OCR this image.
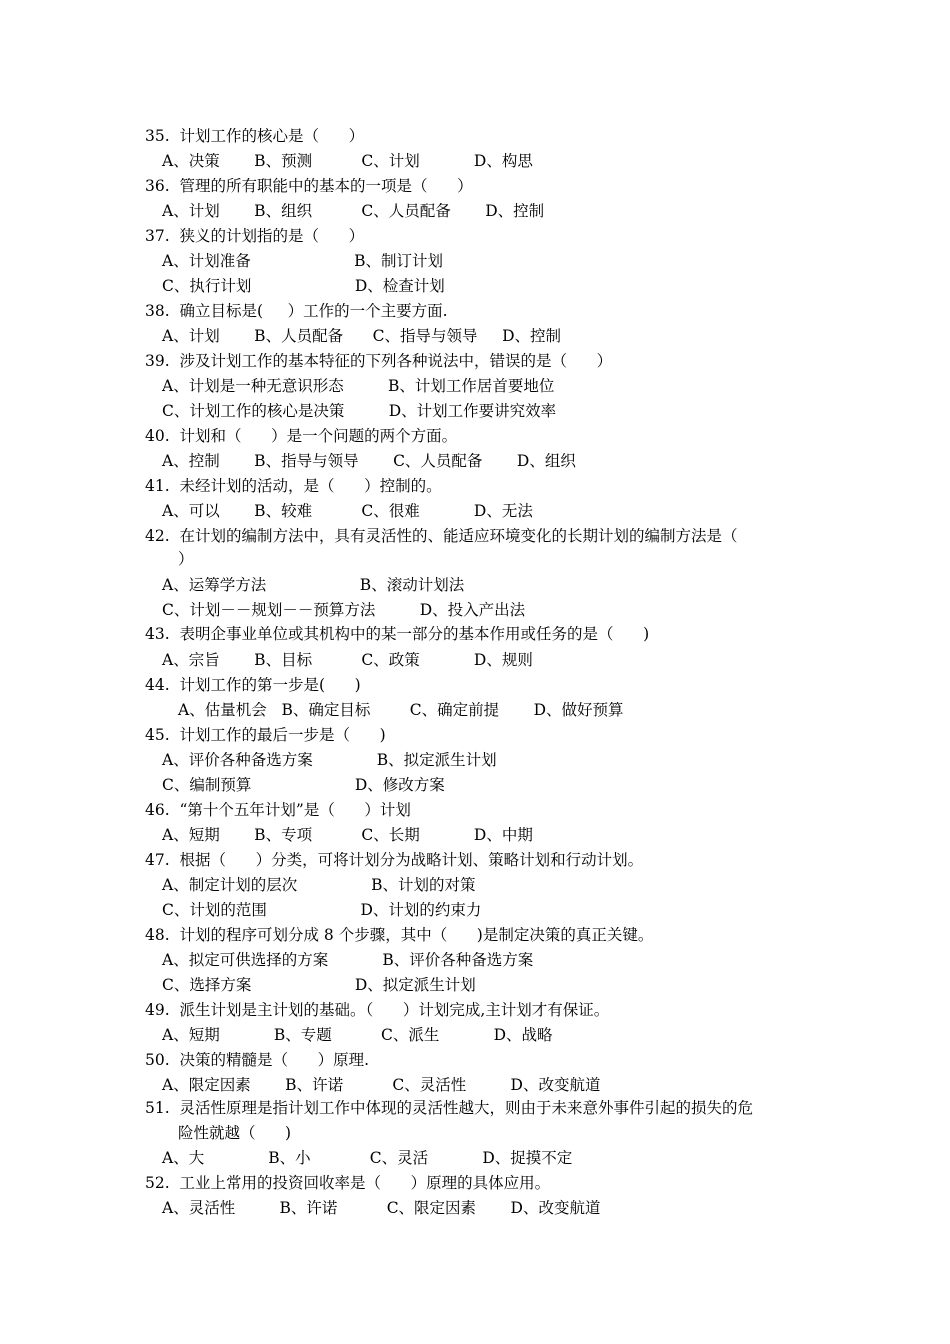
35.  计划工作的核心是（      ）
A、决策       B、预测          C、计划           D、构思
36.  管理的所有职能中的基本的一项是（      ）
A、计划       B、组织          C、人员配备       D、控制
37.  狭义的计划指的是（      ）
A、计划准备                     B、制订计划
C、执行计划                     D、检查计划
38.  确立目标是(     ）工作的一个主要方面.
A、计划       B、人员配备      C、指导与领导     D、控制
39.  涉及计划工作的基本特征的下列各种说法中，错误的是（      ）
A、计划是一种无意识形态         B、计划工作居首要地位
C、计划工作的核心是决策         D、计划工作要讲究效率
40.  计划和（      ）是一个问题的两个方面。
A、控制       B、指导与领导       C、人员配备       D、组织
41.  未经计划的活动，是（      ）控制的。
A、可以       B、较难          C、很难           D、无法
42.  在计划的编制方法中，具有灵活性的、能适应环境变化的长期计划的编制方法是（
）
A、运筹学方法                   B、滚动计划法
C、计划－－规划－－预算方法         D、投入产出法
43.  表明企事业单位或其机构中的某一部分的基本作用或任务的是（      )
A、宗旨       B、目标          C、政策           D、规则
44.  计划工作的第一步是(      )
A、估量机会   B、确定目标        C、确定前提       D、做好预算
45.  计划工作的最后一步是（      )
A、评价各种备选方案             B、拟定派生计划
C、编制预算                     D、修改方案
46.  “第十个五年计划”是（      ）计划
A、短期       B、专项          C、长期           D、中期
47.  根据（      ）分类，可将计划分为战略计划、策略计划和行动计划。
A、制定计划的层次               B、计划的对策
C、计划的范围                   D、计划的约束力
48.  计划的程序可划分成 8 个步骤，其中（      )是制定决策的真正关键。
A、拟定可供选择的方案           B、评价各种备选方案
C、选择方案                     D、拟定派生计划
49.  派生计划是主计划的基础。（      ）计划完成,主计划才有保证。
A、短期           B、专题          C、派生           D、战略
50.  决策的精髓是（      ）原理.
A、限定因素       B、许诺          C、灵活性         D、改变航道
51.  灵活性原理是指计划工作中体现的灵活性越大，则由于未来意外事件引起的损失的危
险性就越（      )
A、大             B、小            C、灵活           D、捉摸不定
52.  工业上常用的投资回收率是（      ）原理的具体应用。
A、灵活性         B、许诺          C、限定因素       D、改变航道
